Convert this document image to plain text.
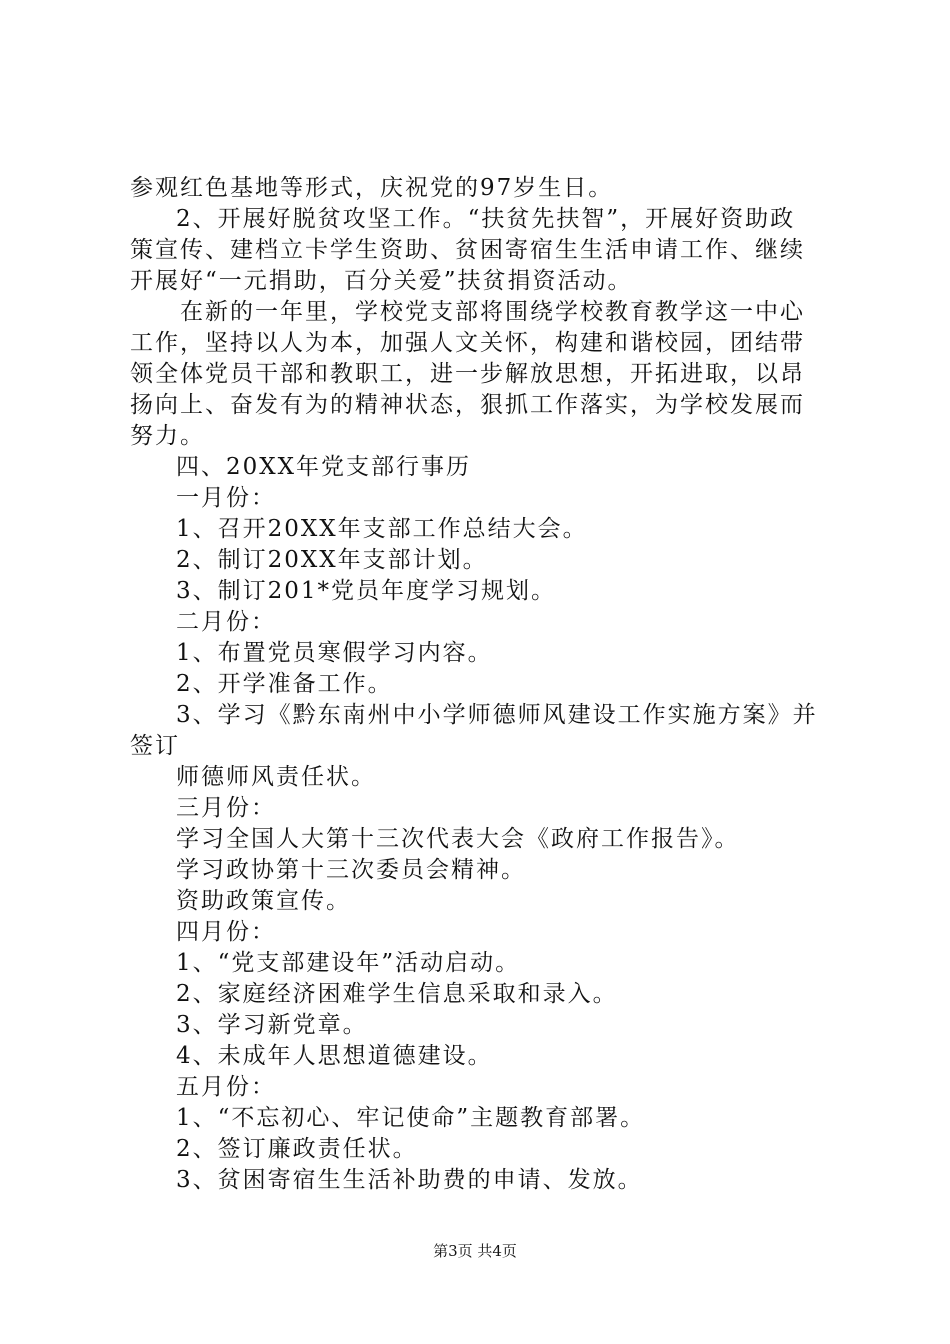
参观红色基地等形式，庆祝党的97岁生日。
2、开展好脱贫攻坚工作。“扶贫先扶智”，开展好资助政
策宣传、建档立卡学生资助、贫困寄宿生生活申请工作、继续
开展好“一元捐助，百分关爱”扶贫捐资活动。
在新的一年里，学校党支部将围绕学校教育教学这一中心
工作，坚持以人为本，加强人文关怀，构建和谐校园，团结带
领全体党员干部和教职工，进一步解放思想，开拓进取，以昂
扬向上、奋发有为的精神状态，狠抓工作落实，为学校发展而
努力。
四、20XX年党支部行事历
一月份：
1、召开20XX年支部工作总结大会。
2、制订20XX年支部计划。
3、制订201*党员年度学习规划。
二月份：
1、布置党员寒假学习内容。
2、开学准备工作。
3、学习《黔东南州中小学师德师风建设工作实施方案》并
签订
师德师风责任状。
三月份：
学习全国人大第十三次代表大会《政府工作报告》。
学习政协第十三次委员会精神。
资助政策宣传。
四月份：
1、“党支部建设年”活动启动。
2、家庭经济困难学生信息采取和录入。
3、学习新党章。
4、未成年人思想道德建设。
五月份：
1、“不忘初心、牢记使命”主题教育部署。
2、签订廉政责任状。
3、贫困寄宿生生活补助费的申请、发放。
第3页 共4页
